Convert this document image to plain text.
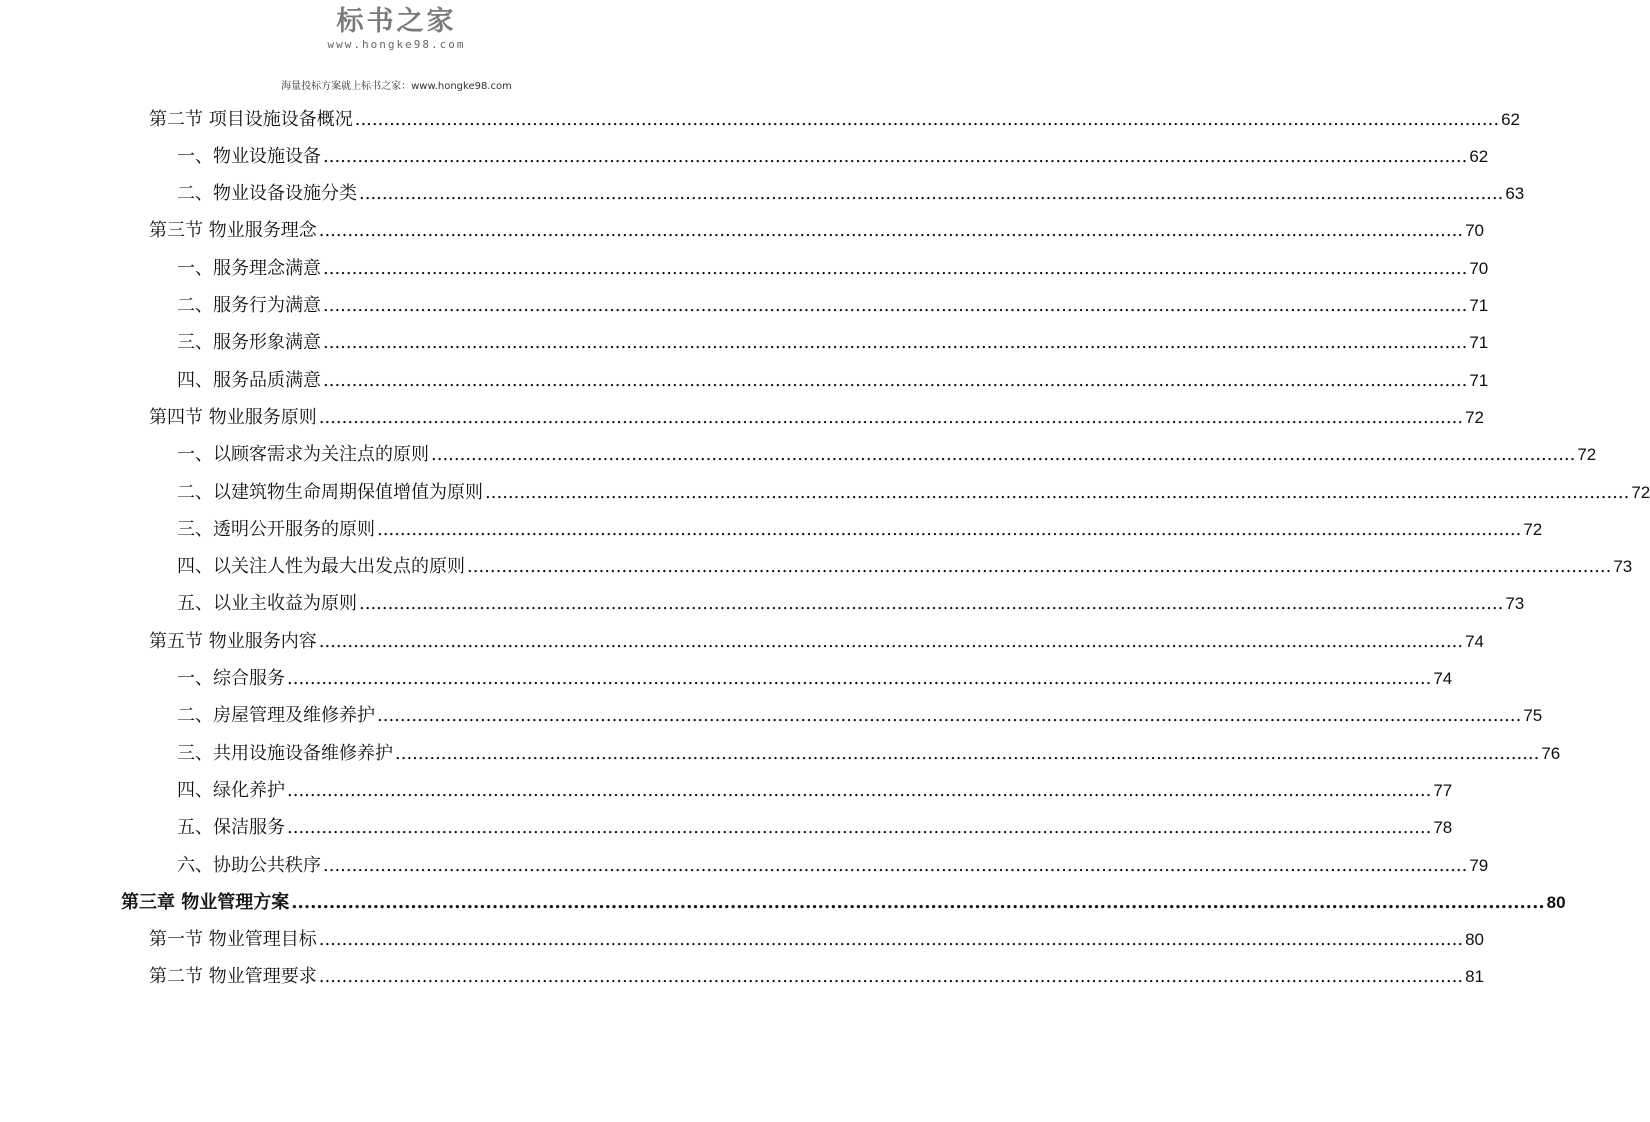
标书之家
www.hongke98.com
海量投标方案就上标书之家：www.hongke98.com
第二节 项目设施设备概况 ........................................................................................................................................................................................................ 62
一、物业设施设备 ........................................................................................................................................................................................................ 62
二、物业设备设施分类 ........................................................................................................................................................................................................ 63
第三节 物业服务理念 ........................................................................................................................................................................................................ 70
一、服务理念满意 ........................................................................................................................................................................................................ 70
二、服务行为满意 ........................................................................................................................................................................................................ 71
三、服务形象满意 ........................................................................................................................................................................................................ 71
四、服务品质满意 ........................................................................................................................................................................................................ 71
第四节 物业服务原则 ........................................................................................................................................................................................................ 72
一、以顾客需求为关注点的原则 ........................................................................................................................................................................................................ 72
二、以建筑物生命周期保值增值为原则 ........................................................................................................................................................................................................ 72
三、透明公开服务的原则 ........................................................................................................................................................................................................ 72
四、以关注人性为最大出发点的原则 ........................................................................................................................................................................................................ 73
五、以业主收益为原则 ........................................................................................................................................................................................................ 73
第五节 物业服务内容 ........................................................................................................................................................................................................ 74
一、综合服务 ........................................................................................................................................................................................................ 74
二、房屋管理及维修养护 ........................................................................................................................................................................................................ 75
三、共用设施设备维修养护 ........................................................................................................................................................................................................ 76
四、绿化养护 ........................................................................................................................................................................................................ 77
五、保洁服务 ........................................................................................................................................................................................................ 78
六、协助公共秩序 ........................................................................................................................................................................................................ 79
第三章 物业管理方案 ........................................................................................................................................................................................................ 80
第一节 物业管理目标 ........................................................................................................................................................................................................ 80
第二节 物业管理要求 ........................................................................................................................................................................................................ 81
